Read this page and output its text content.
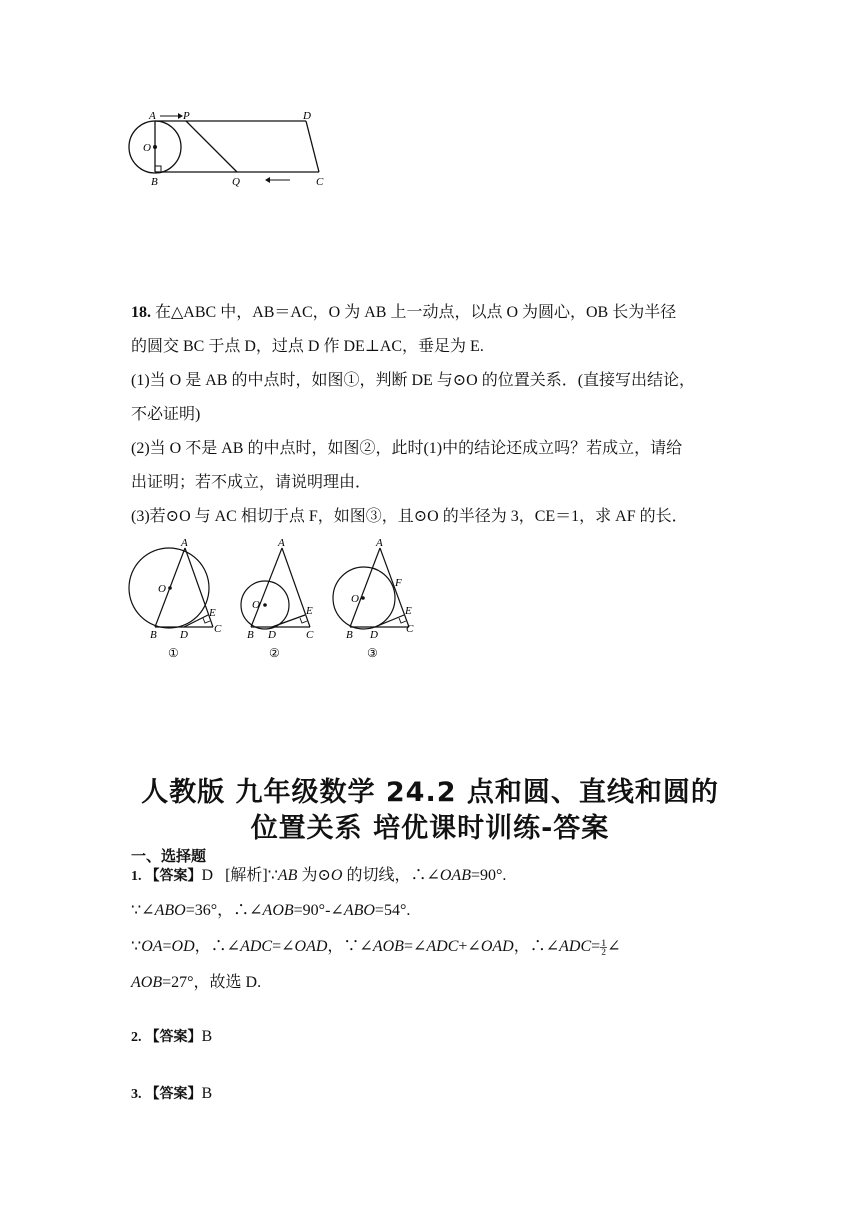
A P	D
O
B	Q	C
18. 在△ABC 中，AB＝AC，O 为 AB 上一动点，以点 O 为圆心，OB 长为半径
的圆交 BC 于点 D，过点 D 作 DE⊥AC，垂足为 E.
(1)当 O 是 AB 的中点时，如图①，判断 DE 与⊙O 的位置关系．(直接写出结论，
不必证明)
(2)当 O 不是 AB 的中点时，如图②，此时(1)中的结论还成立吗？若成立，请给
出证明；若不成立，请说明理由．
(3)若⊙O 与 AC 相切于点 F，如图③，且⊙O 的半径为 3，CE＝1，求 AF 的长．
A
O
E
C
B D
①
A
O	E
C
B D
②
A
F
O
E
C
B D
③
人教版 九年级数学 24.2 点和圆、直线和圆的
位置关系 培优课时训练-答案
一、选择题
1. 【答案】D [解析]∵AB 为⊙O 的切线，∴∠OAB=90°.
∵∠ABO=36°，∴∠AOB=90°-∠ABO=54°.
∵OA=OD，∴∠ADC=∠OAD，∵∠AOB=∠ADC+∠OAD，∴∠ADC= $\frac{1}{2}$ ∠
AOB=27°，故选 D.
2. 【答案】B
3. 【答案】B
